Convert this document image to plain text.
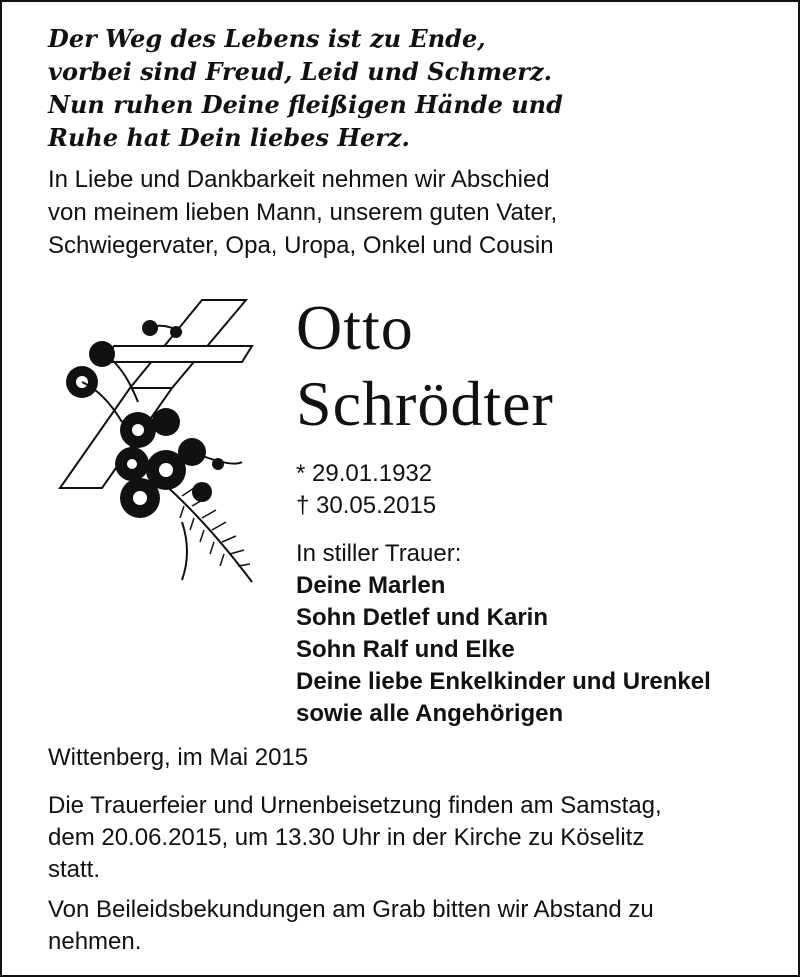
Der Weg des Lebens ist zu Ende,
vorbei sind Freud, Leid und Schmerz.
Nun ruhen Deine fleißigen Hände und
Ruhe hat Dein liebes Herz.
In Liebe und Dankbarkeit nehmen wir Abschied
von meinem lieben Mann, unserem guten Vater,
Schwiegervater, Opa, Uropa, Onkel und Cousin
Otto
Schrödter
* 29.01.1932
† 30.05.2015
In stiller Trauer:
Deine Marlen
Sohn Detlef und Karin
Sohn Ralf und Elke
Deine liebe Enkelkinder und Urenkel
sowie alle Angehörigen
Wittenberg, im Mai 2015
Die Trauerfeier und Urnenbeisetzung finden am Samstag,
dem 20.06.2015, um 13.30 Uhr in der Kirche zu Köselitz
statt.
Von Beileidsbekundungen am Grab bitten wir Abstand zu
nehmen.
